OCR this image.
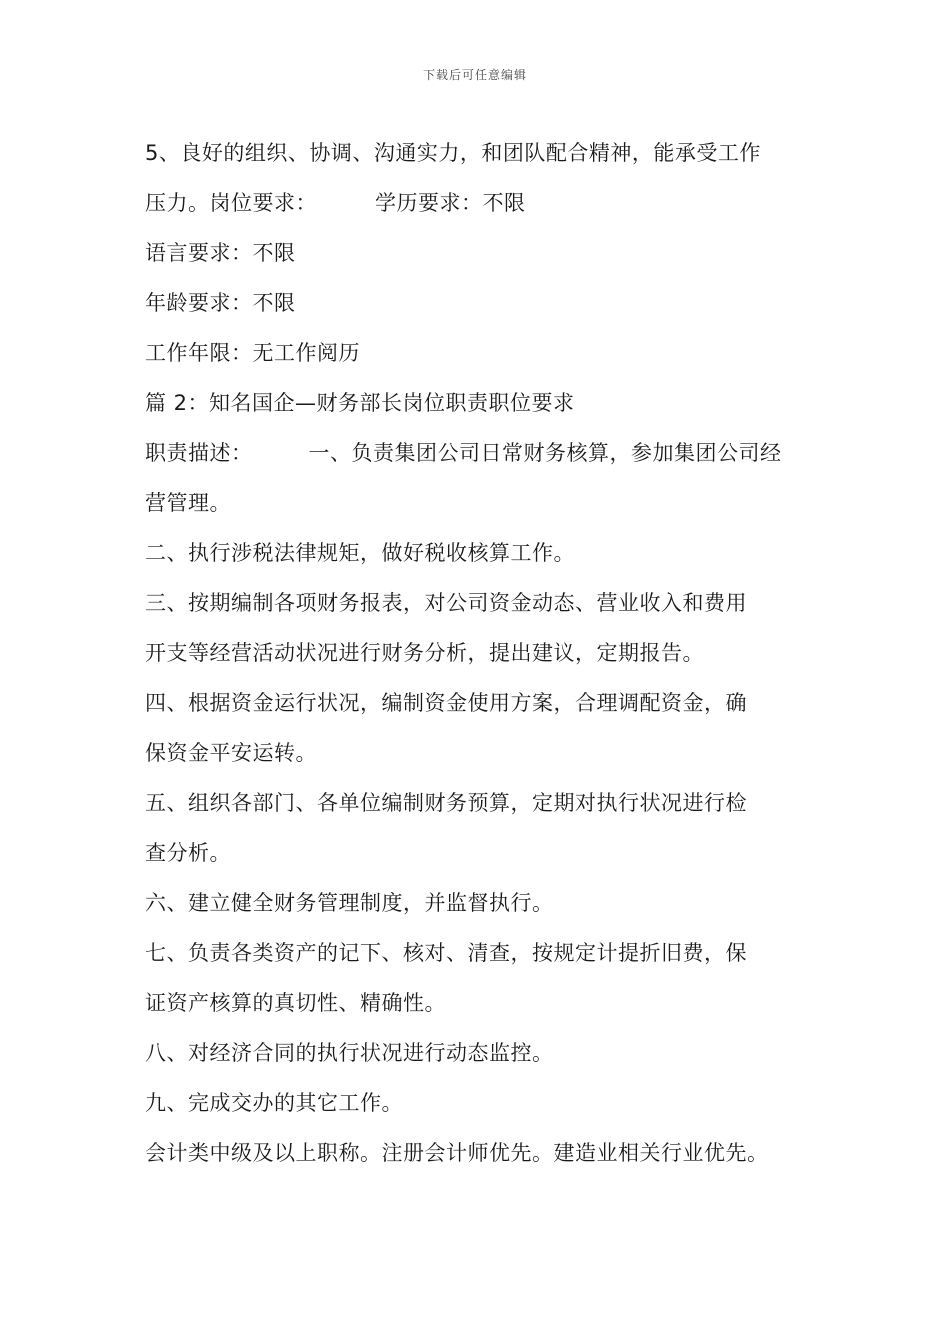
下载后可任意编辑
5、良好的组织、协调、沟通实力，和团队配合精神，能承受工作
压力。岗位要求：	学历要求：不限
语言要求：不限
年龄要求：不限
工作年限：无工作阅历
篇 2：知名国企—财务部长岗位职责职位要求
职责描述：	一、负责集团公司日常财务核算，参加集团公司经
营管理。
二、执行涉税法律规矩，做好税收核算工作。
三、按期编制各项财务报表，对公司资金动态、营业收入和费用
开支等经营活动状况进行财务分析，提出建议，定期报告。
四、根据资金运行状况，编制资金使用方案，合理调配资金，确
保资金平安运转。
五、组织各部门、各单位编制财务预算，定期对执行状况进行检
查分析。
六、建立健全财务管理制度，并监督执行。
七、负责各类资产的记下、核对、清查，按规定计提折旧费，保
证资产核算的真切性、精确性。
八、对经济合同的执行状况进行动态监控。
九、完成交办的其它工作。
会计类中级及以上职称。注册会计师优先。建造业相关行业优先。
